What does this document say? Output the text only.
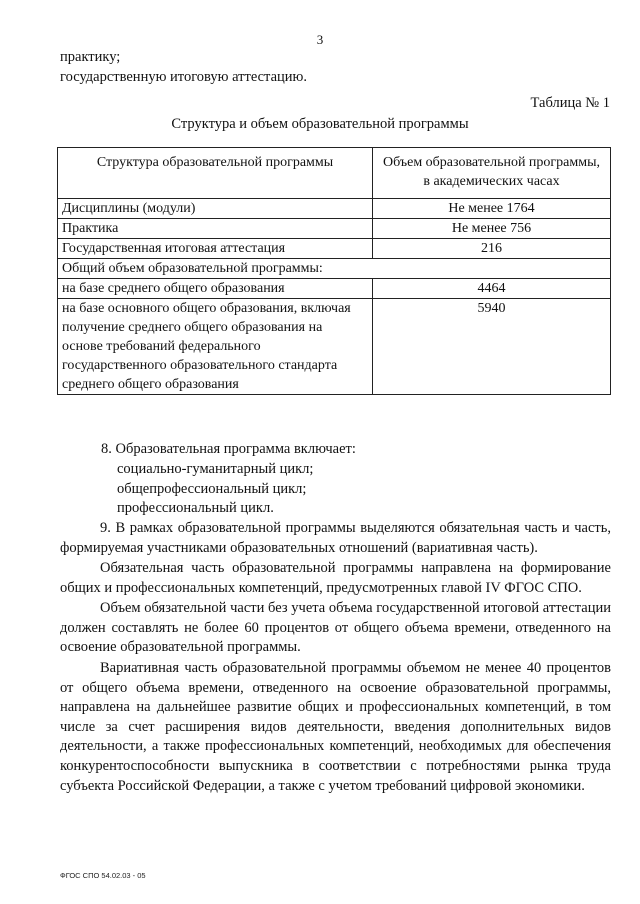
3
практику;
государственную итоговую аттестацию.
Таблица № 1
Структура и объем образовательной программы
Структура образовательной программы	Объем образовательной программы,
в академических часах
Дисциплины (модули)	Не менее 1764
Практика	Не менее 756
Государственная итоговая аттестация	216
Общий объем образовательной программы:	
на базе среднего общего образования	4464
на базе основного общего образования, включая получение среднего общего образования на основе требований федерального государственного образовательного стандарта среднего общего образования	5940
8. Образовательная программа включает:
социально-гуманитарный цикл;
общепрофессиональный цикл;
профессиональный цикл.
9. В рамках образовательной программы выделяются обязательная часть и часть, формируемая участниками образовательных отношений (вариативная часть).
Обязательная часть образовательной программы направлена на формирование общих и профессиональных компетенций, предусмотренных главой IV ФГОС СПО.
Объем обязательной части без учета объема государственной итоговой аттестации должен составлять не более 60 процентов от общего объема времени, отведенного на освоение образовательной программы.
Вариативная часть образовательной программы объемом не менее 40 процентов от общего объема времени, отведенного на освоение образовательной программы, направлена на дальнейшее развитие общих и профессиональных компетенций, в том числе за счет расширения видов деятельности, введения дополнительных видов деятельности, а также профессиональных компетенций, необходимых для обеспечения конкурентоспособности выпускника в соответствии с потребностями рынка труда субъекта Российской Федерации, а также с учетом требований цифровой экономики.
ФГОС СПО 54.02.03 - 05
